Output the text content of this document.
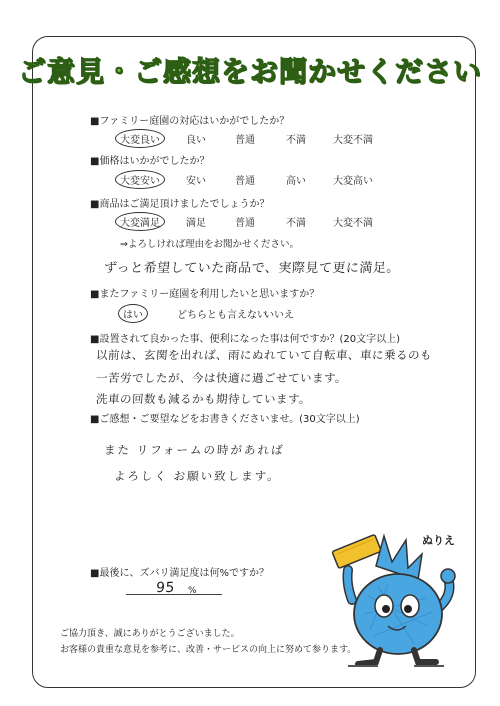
ご意見・ご感想をお聞かせください
■ファミリー庭園の対応はいかがでしたか？
大変良い	良い	普通	不満	大変不満
■価格はいかがでしたか？
大変安い	安い	普通	高い	大変高い
■商品はご満足頂けましたでしょうか？
大変満足	満足	普通	不満	大変不満
⇒よろしければ理由をお聞かせください。
ずっと希望していた商品で、実際見て更に満足。
■またファミリー庭園を利用したいと思いますか？
はい	どちらとも言えない
いいえ
■設置されて良かった事、便利になった事は何ですか？(20文字以上)
以前は、玄関を出れば、雨にぬれていて自転車、車に乗るのも
一苦労でしたが、今は快適に過ごせています。
洗車の回数も減るかも期待しています。
■ご感想・ご要望などをお書きくださいませ。(30文字以上)
また リフォームの時があれば
よろしく お願い致します。
■最後に、ズバリ満足度は何%ですか？
95 %
ご協力頂き、誠にありがとうございました。
お客様の貴重な意見を参考に、改善・サービスの向上に努めて参ります。
ぬりえ
